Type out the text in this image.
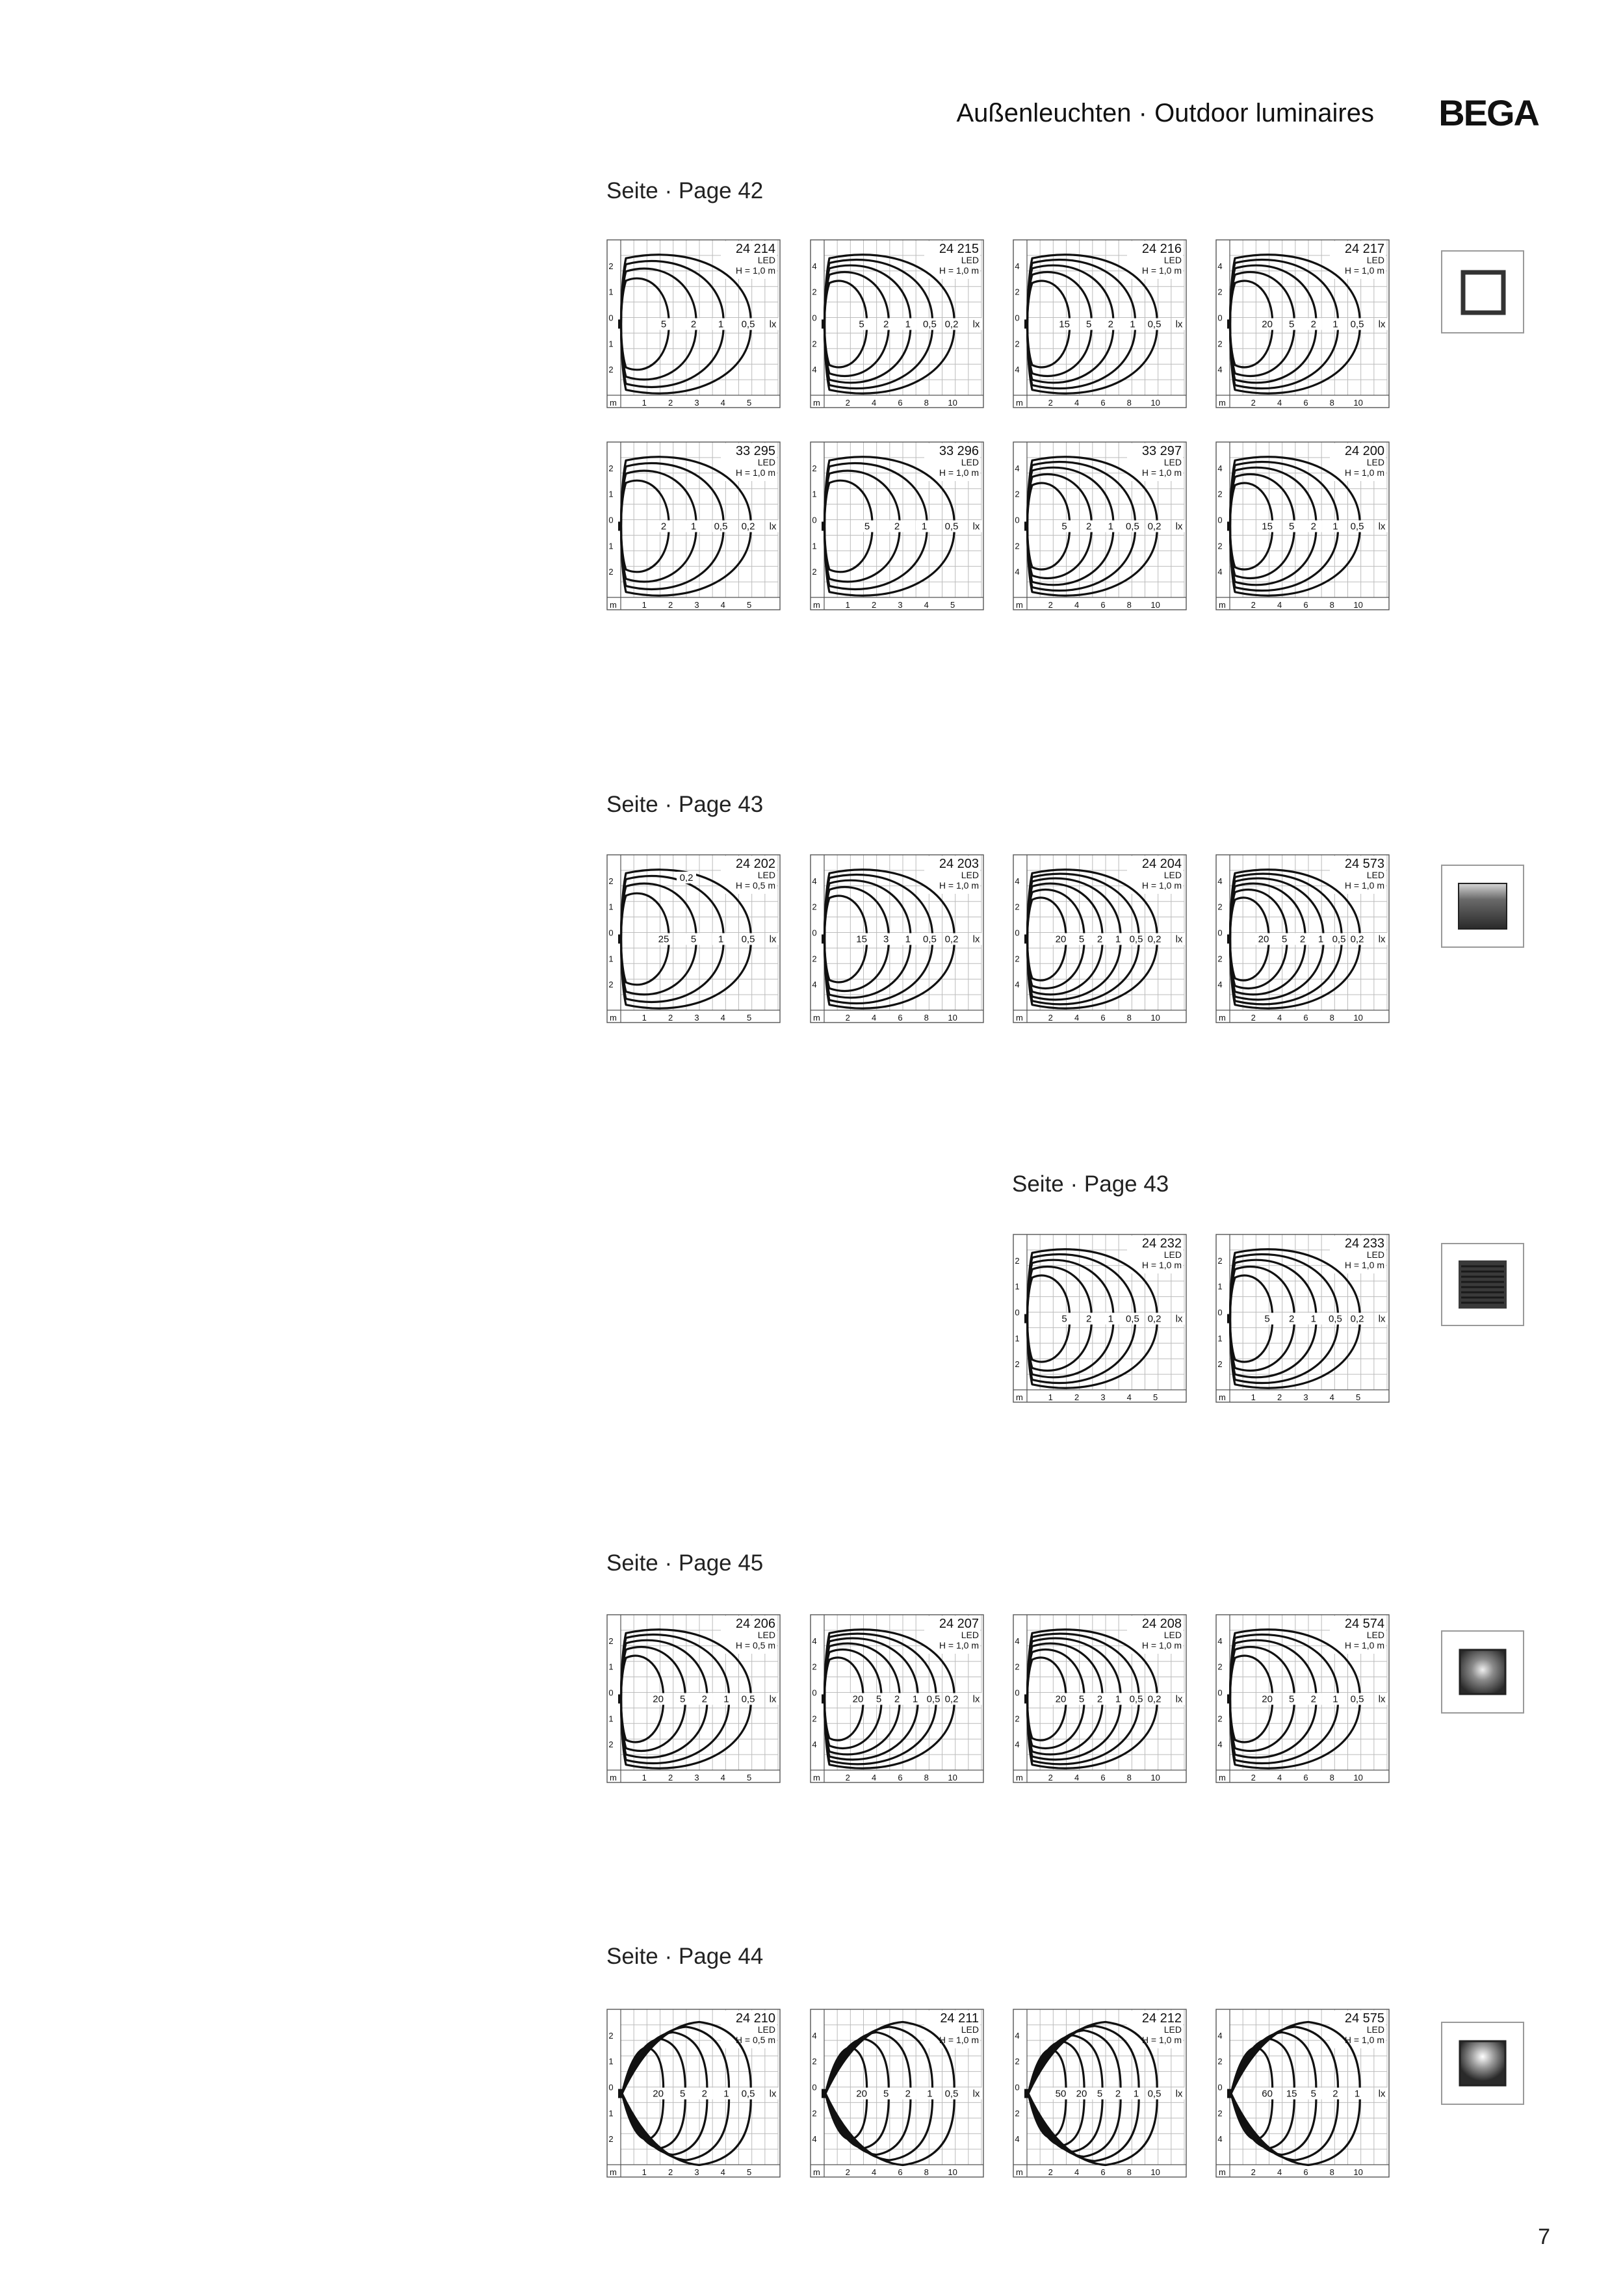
Außenleuchten · Outdoor luminaires BEGA
Seite · Page 42
Seite · Page 43
Seite · Page 43
Seite · Page 45
Seite · Page 44
m	1	2	3	4	5
2
1
0
1
2
24 214
LED
H = 1,0 m
5	2 1 0,5 lx
m	2	4	6	8 10
4
2
0
2
4
24 215
LED
H = 1,0 m
5 2 1 0,5 0,2 lx
m	2	4	6	8 10
4
2
0
2
4
24 216
LED
H = 1,0 m
15 5 2 1 0,5 lx
m	2	4	6	8 10
4
2
0
2
4
24 217
LED
H = 1,0 m
20 5 2 1 0,5 lx
m	1	2	3	4	5
2
1
0
1
2
33 295
LED
H = 1,0 m
2	1 0,5 0,2 lx
m	1	2	3	4	5
2
1
0
1
2
33 296
LED
H = 1,0 m
5	2 1 0,5 lx
m	2	4	6	8 10
4
2
0
2
4
33 297
LED
H = 1,0 m
5 2 1 0,5 0,2 lx
m	2	4	6	8 10
4
2
0
2
4
24 200
LED
H = 1,0 m
15 5 2 1 0,5 lx
m	1	2	3	4	5
2
1
0
1
2
24 202
LED
H = 0,5 m
25 5 1 0,5 lx
0,2
m	2	4	6	8 10
4
2
0
2
4
24 203
LED
H = 1,0 m
15 3 1 0,5 0,2 lx
m	2	4	6	8 10
4
2
0
2
4
24 204
LED
H = 1,0 m
20 5 2 1 0,5 0,2 lx
m	2	4	6	8 10
4
2
0
2
4
24 573
LED
H = 1,0 m
20 5 2 1 0,5 0,2 lx
m	1	2	3	4	5
2
1
0
1
2
24 232
LED
H = 1,0 m
5 2 1 0,5 0,2 lx
m	1	2	3	4	5
2
1
0
1
2
24 233
LED
H = 1,0 m
5 2 1 0,5 0,2 lx
m	1	2	3	4	5
2
1
0
1
2
24 206
LED
H = 0,5 m
20 5 2 1 0,5 lx
m	2	4	6	8 10
4
2
0
2
4
24 207
LED
H = 1,0 m
20 5 2 1 0,5 0,2 lx
m	2	4	6	8 10
4
2
0
2
4
24 208
LED
H = 1,0 m
20 5 2 1 0,5 0,2 lx
m	2	4	6	8 10
4
2
0
2
4
24 574
LED
H = 1,0 m
20 5 2 1 0,5 lx
m	1	2	3	4	5
2
1
0
1
2
24 210
LED
H = 0,5 m
20 5 2 1 0,5 lx
m	2	4	6	8 10
4
2
0
2
4
24 211
LED
H = 1,0 m
20 5 2 1 0,5 lx
m	2	4	6	8 10
4
2
0
2
4
24 212
LED
H = 1,0 m
50 20 5 2 1 0,5 lx
m	2	4	6	8 10
4
2
0
2
4
24 575
LED
H = 1,0 m
60 15 5 2 1 lx
7
